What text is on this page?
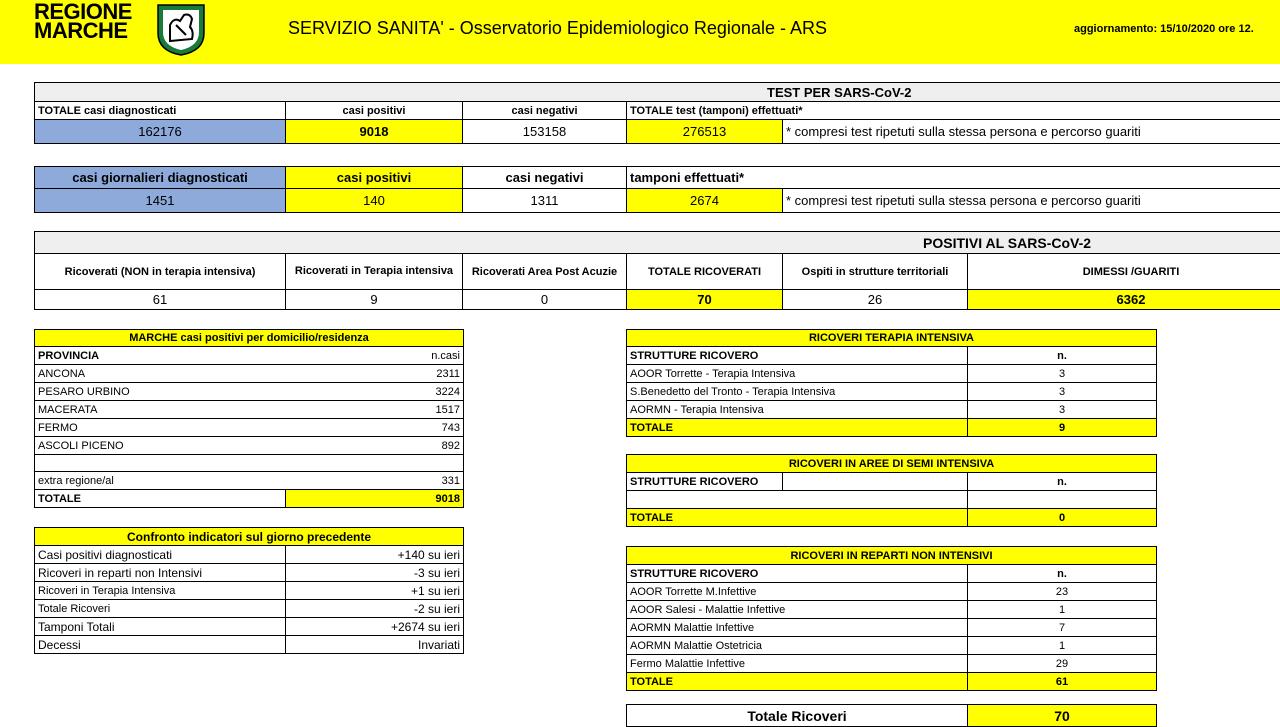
REGIONE
MARCHE	SERVIZIO SANITA' - Osservatorio Epidemiologico Regionale - ARS	aggiornamento: 15/10/2020 ore 12.
TEST PER SARS-CoV-2				
TOTALE casi diagnosticati	casi positivi	casi negativi	TOTALE test (tamponi) effettuati*	
162176	9018	153158	276513	* compresi test ripetuti sulla stessa persona e percorso guariti
casi giornalieri diagnosticati	casi positivi	casi negativi	tamponi effettuati*	
1451	140	1311	2674	* compresi test ripetuti sulla stessa persona e percorso guariti
POSITIVI AL SARS-CoV-2					
Ricoverati (NON in terapia intensiva)	Ricoverati in Terapia intensiva	Ricoverati Area Post Acuzie	TOTALE RICOVERATI	Ospiti in strutture territoriali	DIMESSI /GUARITI
61	9	0	70	26	6362
MARCHE casi positivi per domicilio/residenza	
PROVINCIA	n.casi
ANCONA	2311
PESARO URBINO	3224
MACERATA	1517
FERMO	743
ASCOLI PICENO	892

extra regione/al	331
TOTALE	9018
Confronto indicatori sul giorno precedente	
Casi positivi diagnosticati	+140 su ieri
Ricoveri in reparti non Intensivi	-3 su ieri
Ricoveri in Terapia Intensiva	+1 su ieri
Totale Ricoveri	-2 su ieri
Tamponi Totali	+2674 su ieri
Decessi	Invariati
RICOVERI TERAPIA INTENSIVA	
STRUTTURE RICOVERO	n.
AOOR Torrette - Terapia Intensiva	3
S.Benedetto del Tronto - Terapia Intensiva	3
AORMN - Terapia Intensiva	3
TOTALE	9
RICOVERI IN AREE DI SEMI INTENSIVA		
STRUTTURE RICOVERO		n.

TOTALE		0
RICOVERI IN REPARTI NON INTENSIVI	
STRUTTURE RICOVERO	n.
AOOR Torrette M.Infettive	23
AOOR Salesi - Malattie Infettive	1
AORMN Malattie Infettive	7
AORMN Malattie Ostetricia	1
Fermo Malattie Infettive	29
TOTALE	61
Totale Ricoveri	70
